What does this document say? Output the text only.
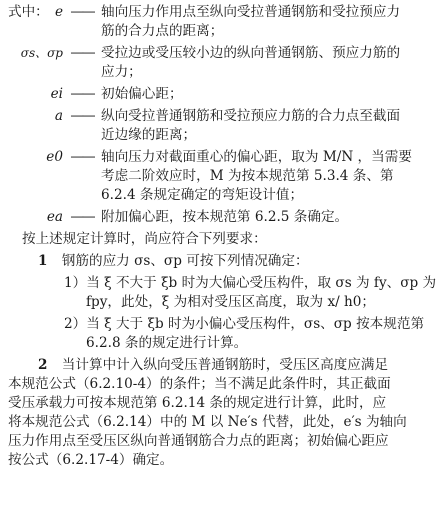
式中： e —— 轴向压力作用点至纵向受拉普通钢筋和受拉预应力
筋的合力点的距离；
σs、σp —— 受拉边或受压较小边的纵向普通钢筋、预应力筋的
应力；
ei —— 初始偏心距；
a —— 纵向受拉普通钢筋和受拉预应力筋的合力点至截面
近边缘的距离；
e0 —— 轴向压力对截面重心的偏心距，取为 M/N ，当需要
考虑二阶效应时，M 为按本规范第 5.3.4 条、第
6.2.4 条规定确定的弯矩设计值；
ea —— 附加偏心距，按本规范第 6.2.5 条确定。
按上述规定计算时，尚应符合下列要求：
1 钢筋的应力 σs、σp 可按下列情况确定：
1）当 ξ 不大于 ξb 时为大偏心受压构件，取 σs 为 fy、σp 为
fpy，此处，ξ 为相对受压区高度，取为 x/ h0；
2）当 ξ 大于 ξb 时为小偏心受压构件，σs、σp 按本规范第
6.2.8 条的规定进行计算。
2 当计算中计入纵向受压普通钢筋时，受压区高度应满足
本规范公式（6.2.10-4）的条件；当不满足此条件时，其正截面
受压承载力可按本规范第 6.2.14 条的规定进行计算，此时，应
将本规范公式（6.2.14）中的 M 以 Ne′s 代替，此处，e′s 为轴向
压力作用点至受压区纵向普通钢筋合力点的距离；初始偏心距应
按公式（6.2.17-4）确定。
